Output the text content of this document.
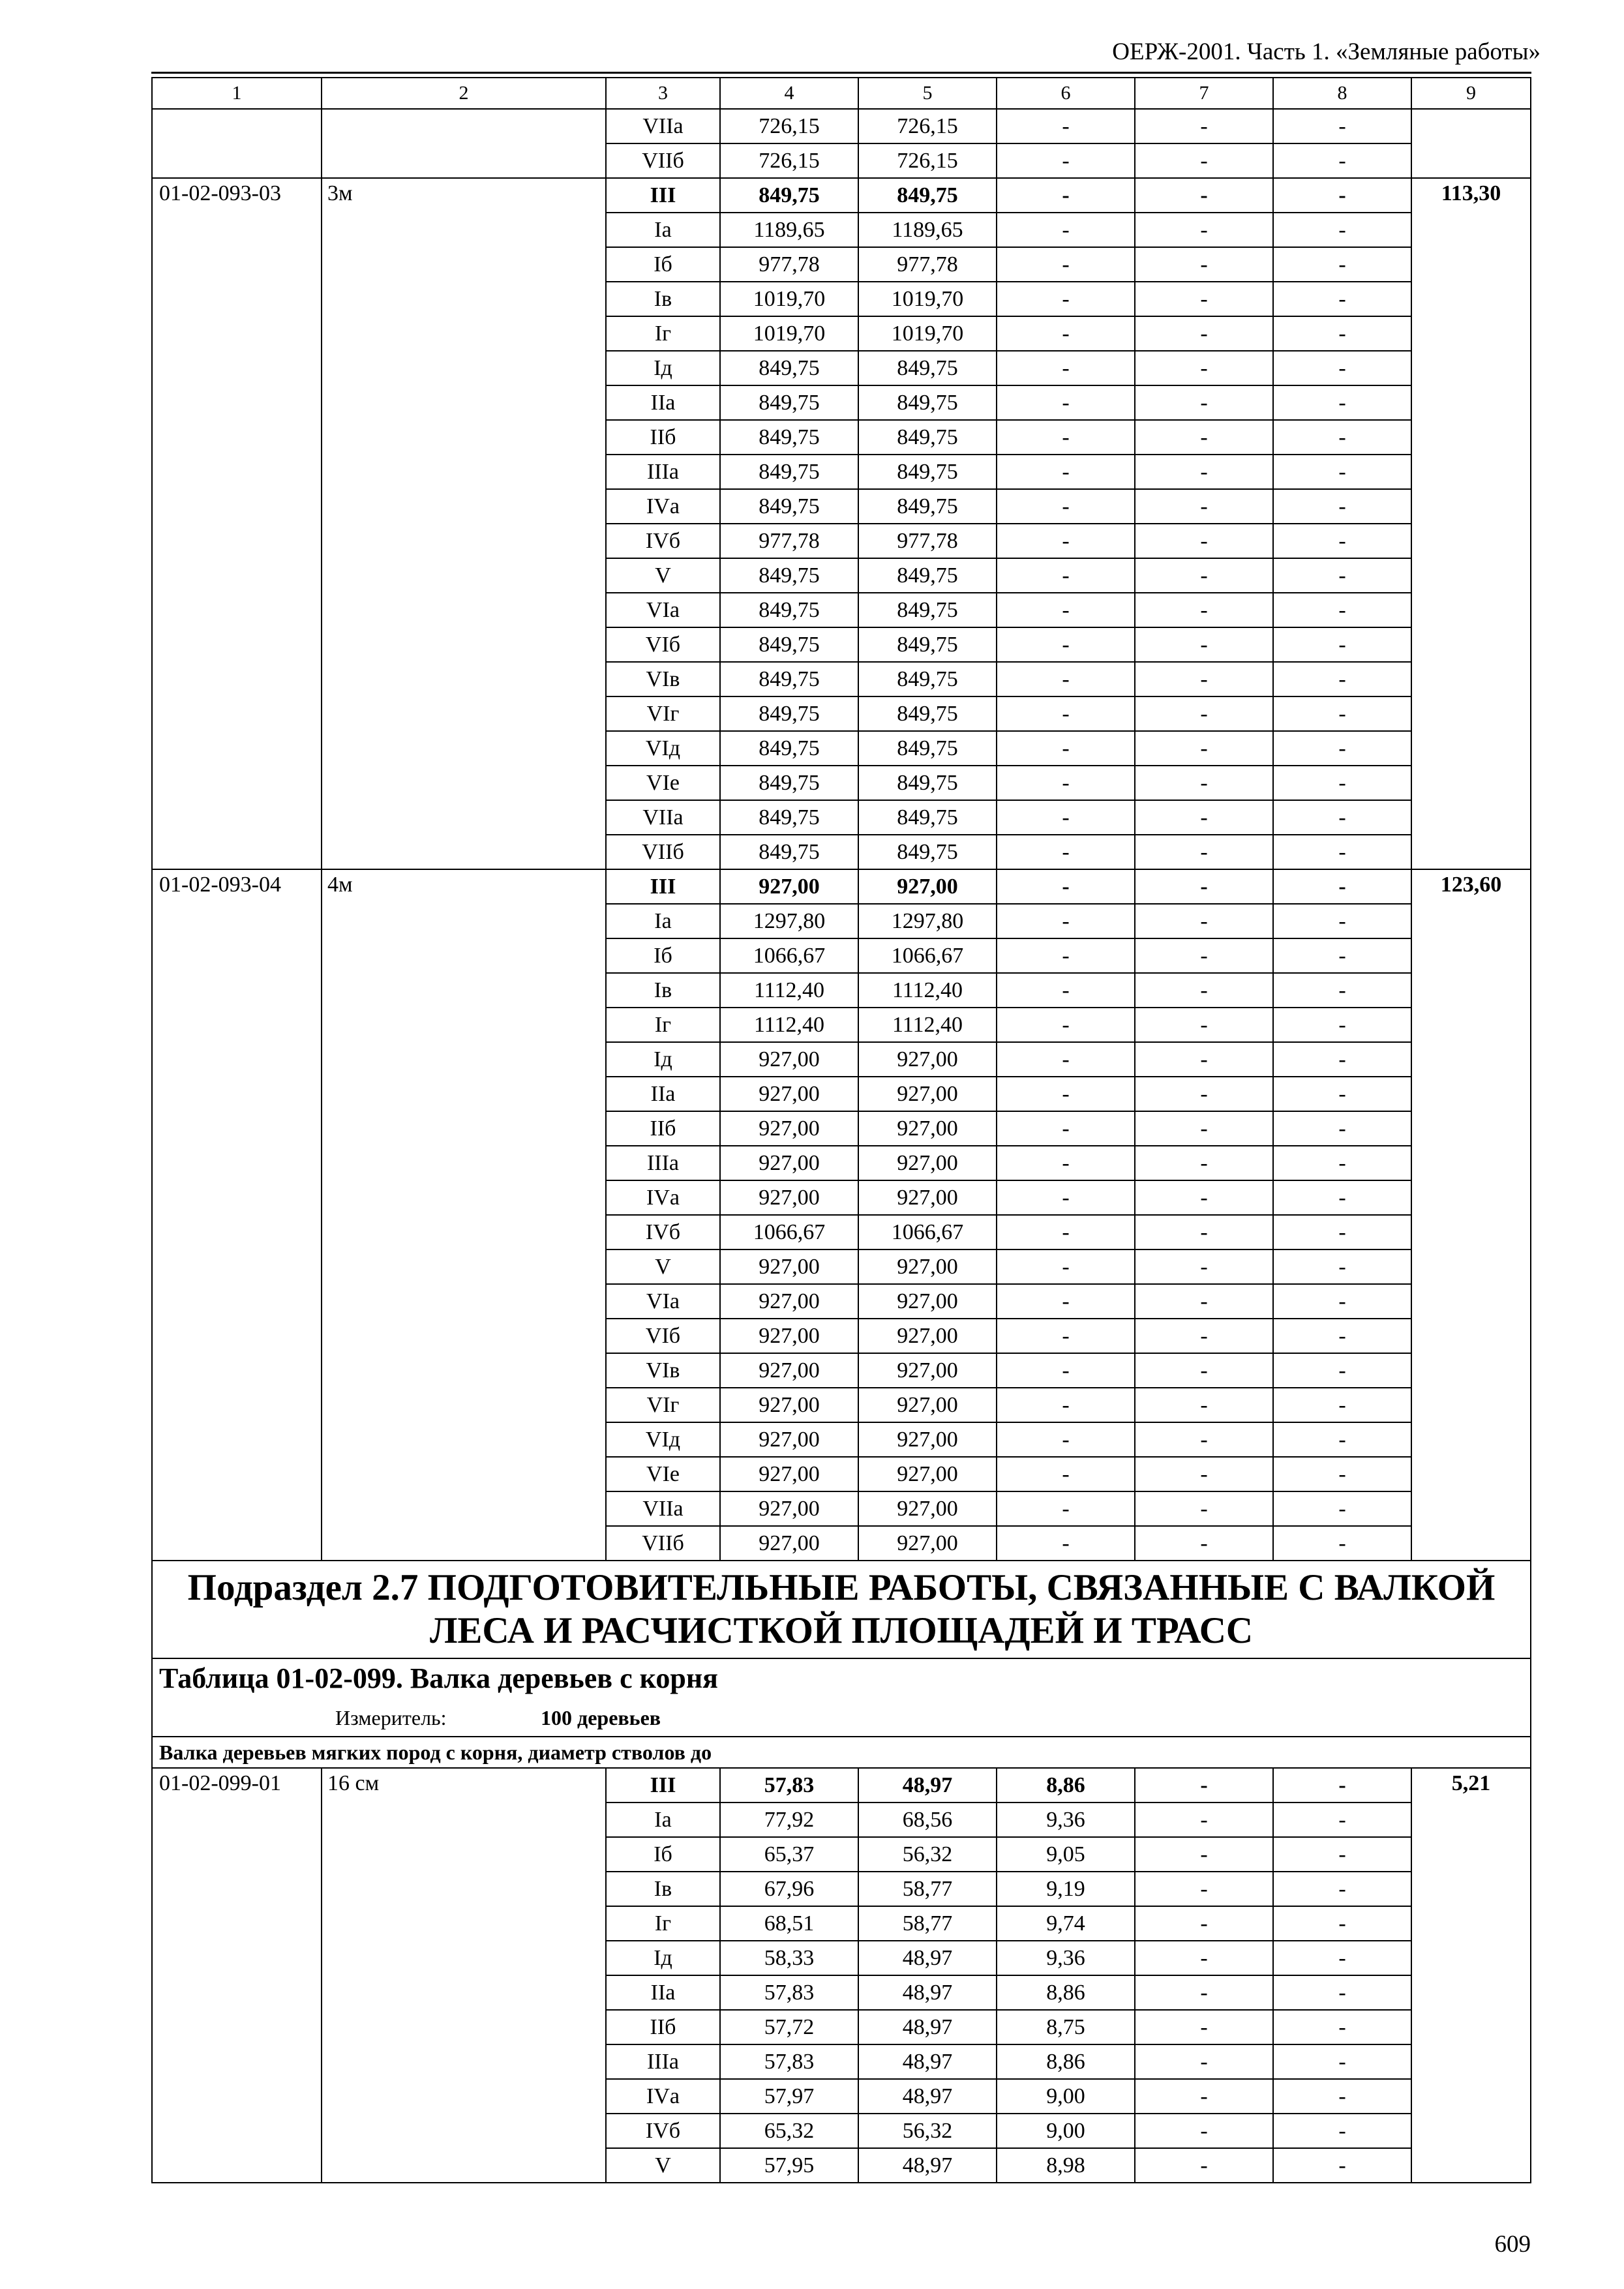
ОЕРЖ-2001. Часть 1. «Земляные работы»
1	2	3	4	5	6	7	8	9
		VIIа	726,15	726,15	-	-	-	
		VIIб	726,15	726,15	-	-	-	
01-02-093-03	3м	III	849,75	849,75	-	-	-	113,30
		Iа	1189,65	1189,65	-	-	-	
		Iб	977,78	977,78	-	-	-	
		Iв	1019,70	1019,70	-	-	-	
		Iг	1019,70	1019,70	-	-	-	
		Iд	849,75	849,75	-	-	-	
		IIа	849,75	849,75	-	-	-	
		IIб	849,75	849,75	-	-	-	
		IIIа	849,75	849,75	-	-	-	
		IVа	849,75	849,75	-	-	-	
		IVб	977,78	977,78	-	-	-	
		V	849,75	849,75	-	-	-	
		VIа	849,75	849,75	-	-	-	
		VIб	849,75	849,75	-	-	-	
		VIв	849,75	849,75	-	-	-	
		VIг	849,75	849,75	-	-	-	
		VIд	849,75	849,75	-	-	-	
		VIе	849,75	849,75	-	-	-	
		VIIа	849,75	849,75	-	-	-	
		VIIб	849,75	849,75	-	-	-	
01-02-093-04	4м	III	927,00	927,00	-	-	-	123,60
		Iа	1297,80	1297,80	-	-	-	
		Iб	1066,67	1066,67	-	-	-	
		Iв	1112,40	1112,40	-	-	-	
		Iг	1112,40	1112,40	-	-	-	
		Iд	927,00	927,00	-	-	-	
		IIа	927,00	927,00	-	-	-	
		IIб	927,00	927,00	-	-	-	
		IIIа	927,00	927,00	-	-	-	
		IVа	927,00	927,00	-	-	-	
		IVб	1066,67	1066,67	-	-	-	
		V	927,00	927,00	-	-	-	
		VIа	927,00	927,00	-	-	-	
		VIб	927,00	927,00	-	-	-	
		VIв	927,00	927,00	-	-	-	
		VIг	927,00	927,00	-	-	-	
		VIд	927,00	927,00	-	-	-	
		VIе	927,00	927,00	-	-	-	
		VIIа	927,00	927,00	-	-	-	
		VIIб	927,00	927,00	-	-	-	
Подраздел 2.7 ПОДГОТОВИТЕЛЬНЫЕ РАБОТЫ, СВЯЗАННЫЕ С ВАЛКОЙ ЛЕСА И РАСЧИСТКОЙ ПЛОЩАДЕЙ И ТРАСС								

Таблица 01-02-099. Валка деревьев с корня
Измеритель: 100 деревьев								

Валка деревьев мягких пород с корня, диаметр стволов до								
01-02-099-01	16 см	III	57,83	48,97	8,86	-	-	5,21
		Iа	77,92	68,56	9,36	-	-	
		Iб	65,37	56,32	9,05	-	-	
		Iв	67,96	58,77	9,19	-	-	
		Iг	68,51	58,77	9,74	-	-	
		Iд	58,33	48,97	9,36	-	-	
		IIа	57,83	48,97	8,86	-	-	
		IIб	57,72	48,97	8,75	-	-	
		IIIа	57,83	48,97	8,86	-	-	
		IVа	57,97	48,97	9,00	-	-	
		IVб	65,32	56,32	9,00	-	-	
		V	57,95	48,97	8,98	-	-	
609
